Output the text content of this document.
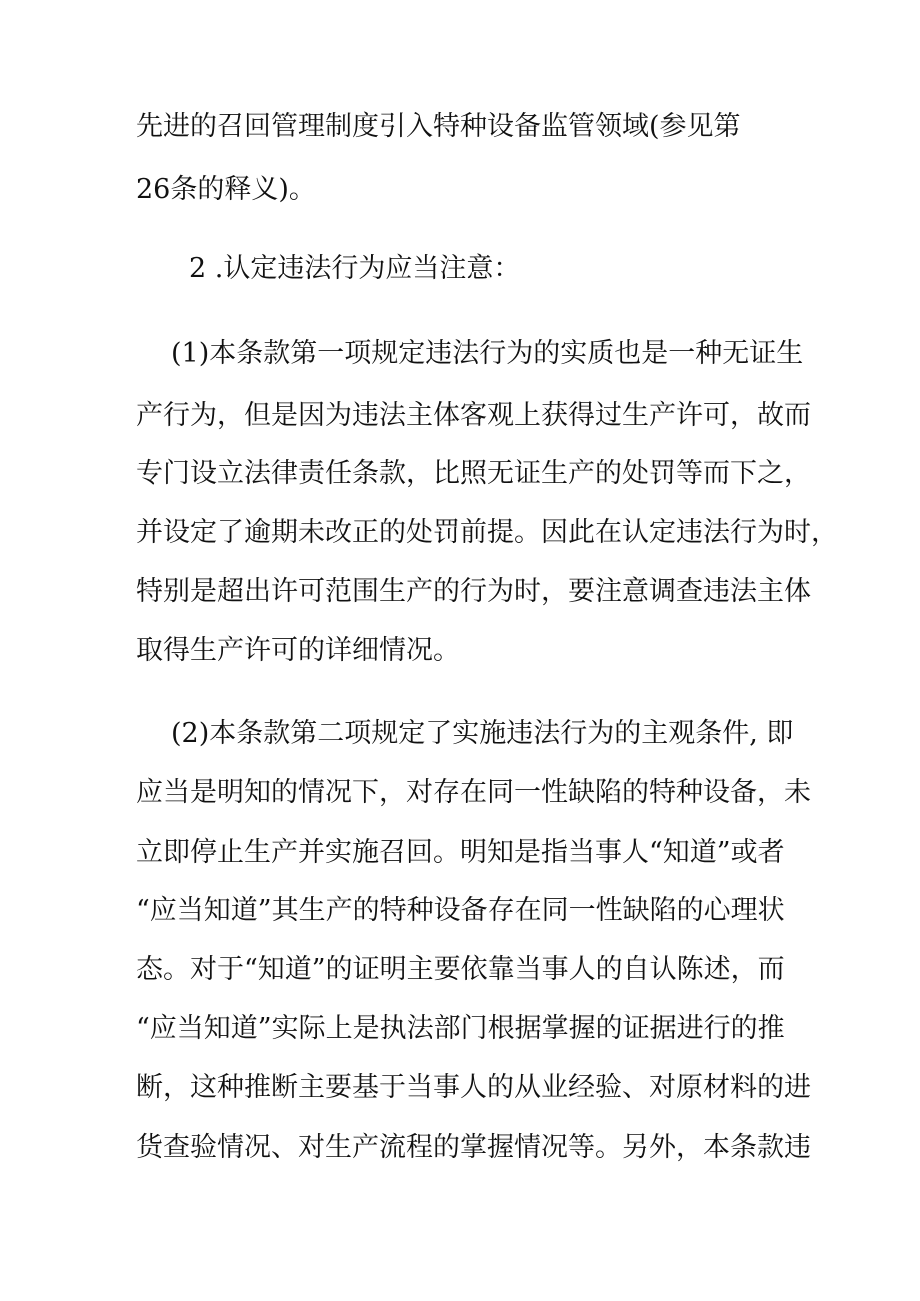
先进的召回管理制度引入特种设备监管领域(参见第
26条的释义)。
2 .认定违法行为应当注意：
(1)本条款第一项规定违法行为的实质也是一种无证生
产行为，但是因为违法主体客观上获得过生产许可，故而
专门设立法律责任条款，比照无证生产的处罚等而下之，
并设定了逾期未改正的处罚前提。因此在认定违法行为时，
特别是超出许可范围生产的行为时，要注意调查违法主体
取得生产许可的详细情况。
(2)本条款第二项规定了实施违法行为的主观条件, 即
应当是明知的情况下，对存在同一性缺陷的特种设备，未
立即停止生产并实施召回。明知是指当事人“知道”或者
“应当知道”其生产的特种设备存在同一性缺陷的心理状
态。对于“知道”的证明主要依靠当事人的自认陈述，而
“应当知道”实际上是执法部门根据掌握的证据进行的推
断，这种推断主要基于当事人的从业经验、对原材料的进
货查验情况、对生产流程的掌握情况等。另外，本条款违
